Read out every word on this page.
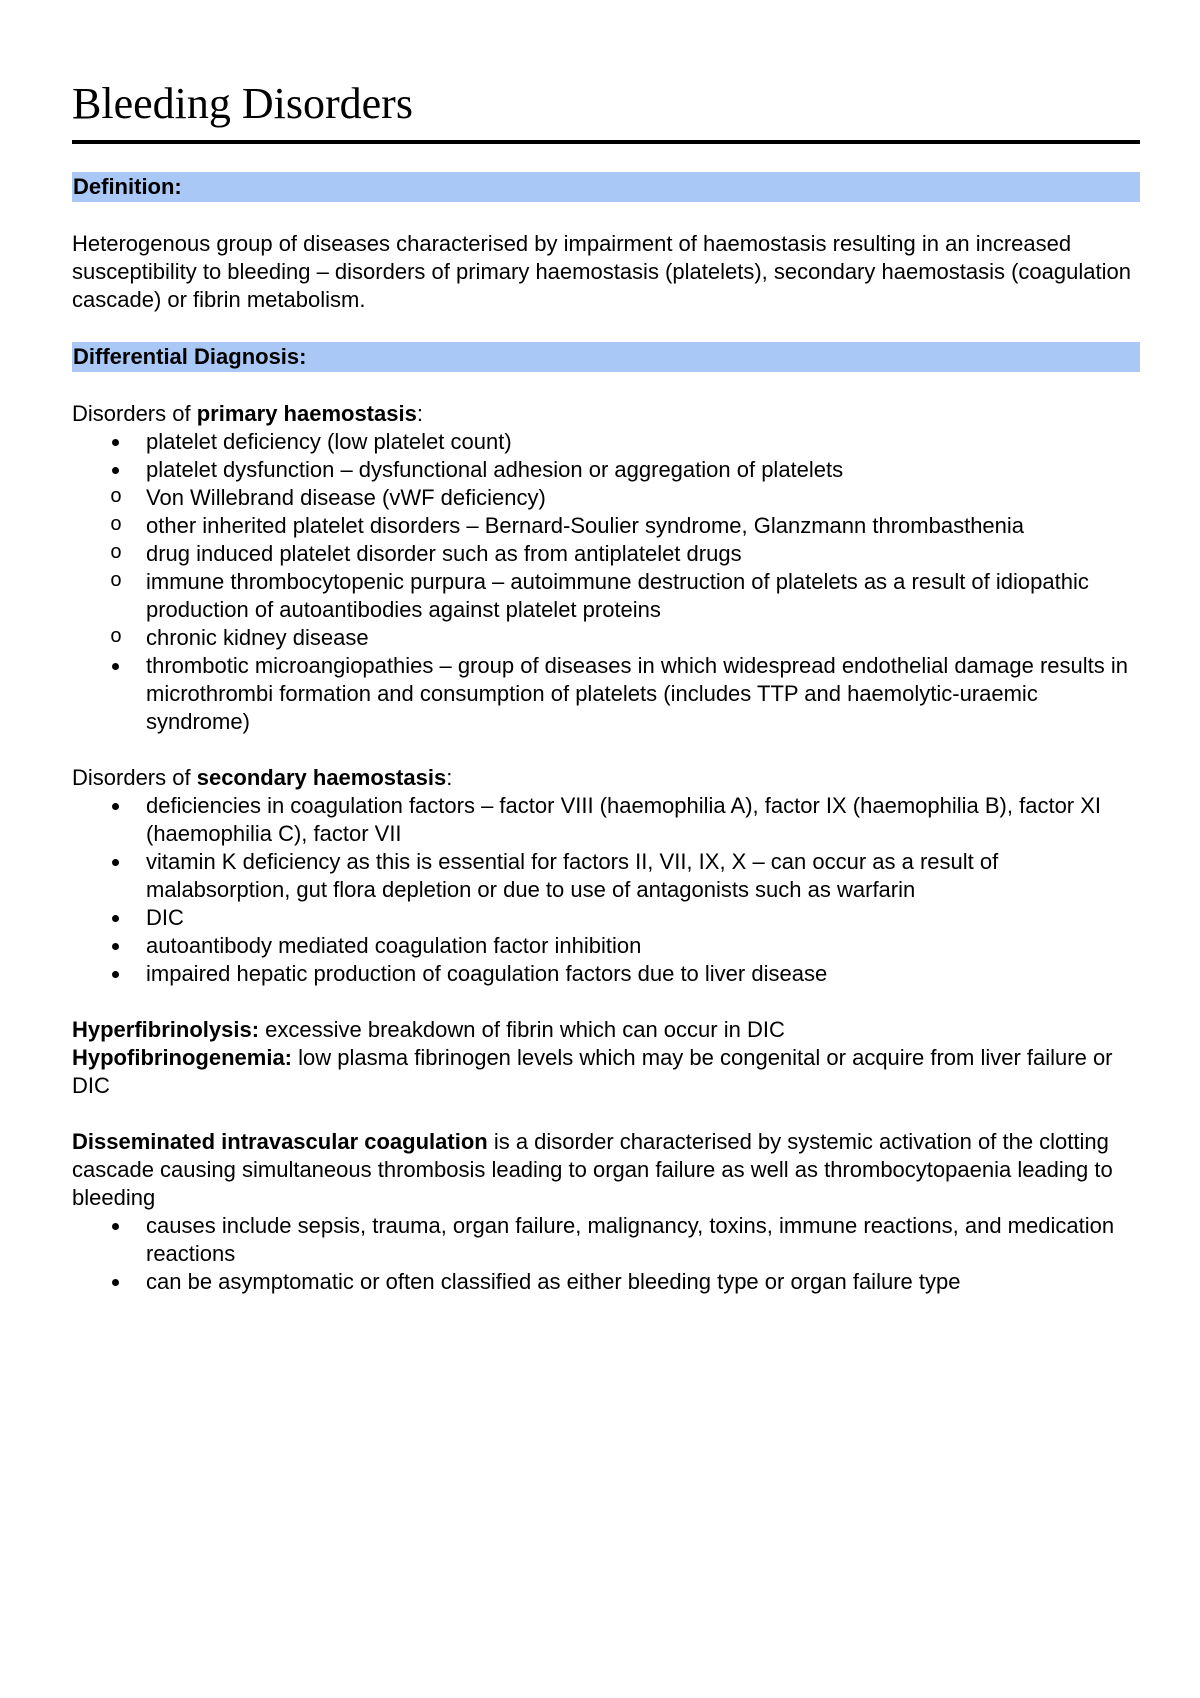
Bleeding Disorders
Definition:

Heterogenous group of diseases characterised by impairment of haemostasis resulting in an increased susceptibility to bleeding – disorders of primary haemostasis (platelets), secondary haemostasis (coagulation cascade) or fibrin metabolism.

Differential Diagnosis:

Disorders of primary haemostasis:

platelet deficiency (low platelet count)
platelet dysfunction – dysfunctional adhesion or aggregation of platelets
o Von Willebrand disease (vWF deficiency)
o other inherited platelet disorders – Bernard-Soulier syndrome, Glanzmann thrombasthenia
o drug induced platelet disorder such as from antiplatelet drugs
o immune thrombocytopenic purpura – autoimmune destruction of platelets as a result of idiopathic production of autoantibodies against platelet proteins
o chronic kidney disease
thrombotic microangiopathies – group of diseases in which widespread endothelial damage results in microthrombi formation and consumption of platelets (includes TTP and haemolytic-uraemic syndrome)

Disorders of secondary haemostasis:

deficiencies in coagulation factors – factor VIII (haemophilia A), factor IX (haemophilia B), factor XI (haemophilia C), factor VII
vitamin K deficiency as this is essential for factors II, VII, IX, X – can occur as a result of malabsorption, gut flora depletion or due to use of antagonists such as warfarin
DIC
autoantibody mediated coagulation factor inhibition
impaired hepatic production of coagulation factors due to liver disease

Hyperfibrinolysis: excessive breakdown of fibrin which can occur in DIC

Hypofibrinogenemia: low plasma fibrinogen levels which may be congenital or acquire from liver failure or DIC

Disseminated intravascular coagulation is a disorder characterised by systemic activation of the clotting cascade causing simultaneous thrombosis leading to organ failure as well as thrombocytopaenia leading to bleeding

causes include sepsis, trauma, organ failure, malignancy, toxins, immune reactions, and medication reactions
can be asymptomatic or often classified as either bleeding type or organ failure type
